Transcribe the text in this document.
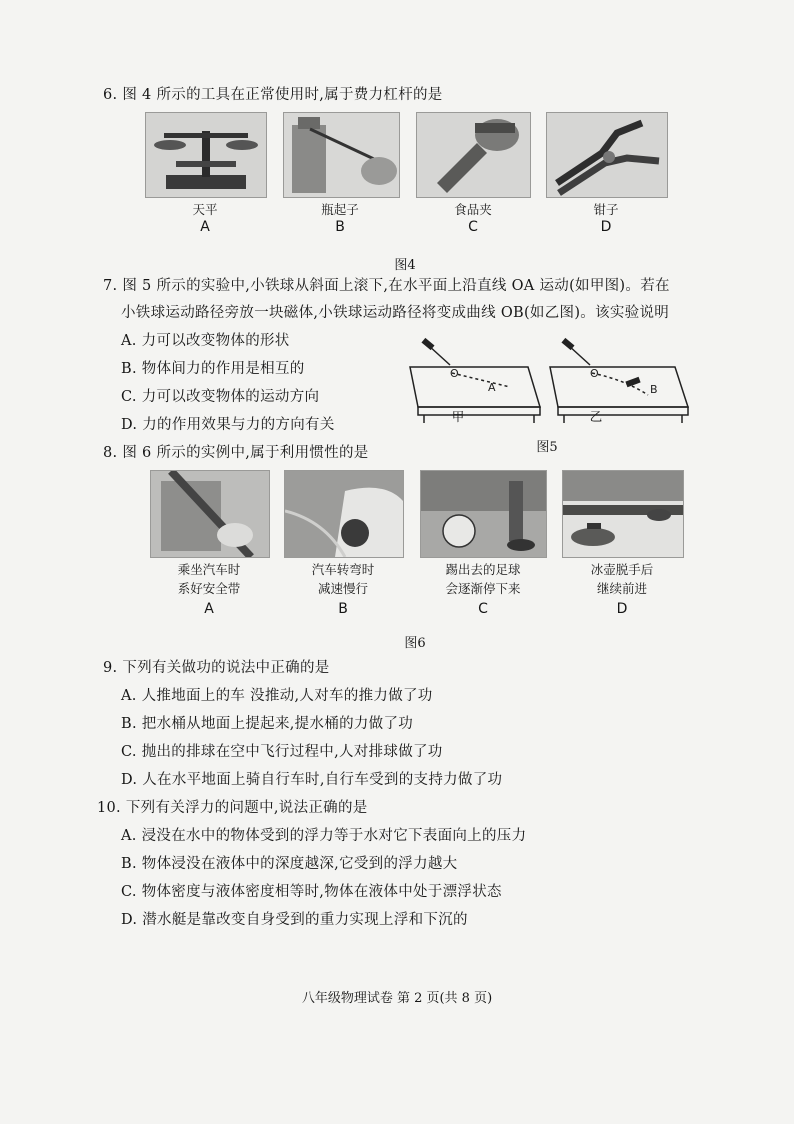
6. 图 4 所示的工具在正常使用时,属于费力杠杆的是
天平	瓶起子	食品夹	钳子
A	B	C	D
图4
7. 图 5 所示的实验中,小铁球从斜面上滚下,在水平面上沿直线 OA 运动(如甲图)。若在
小铁球运动路径旁放一块磁体,小铁球运动路径将变成曲线 OB(如乙图)。该实验说明
A. 力可以改变物体的形状
B. 物体间力的作用是相互的
C. 力可以改变物体的运动方向
D. 力的作用效果与力的方向有关
O
A
O
B
甲	乙
图5
8. 图 6 所示的实例中,属于利用惯性的是
乘坐汽车时
系好安全带
汽车转弯时
减速慢行
踢出去的足球
会逐渐停下来
冰壶脱手后
继续前进
A	B	C	D
图6
9. 下列有关做功的说法中正确的是
A. 人推地面上的车 没推动,人对车的推力做了功
B. 把水桶从地面上提起来,提水桶的力做了功
C. 抛出的排球在空中飞行过程中,人对排球做了功
D. 人在水平地面上骑自行车时,自行车受到的支持力做了功
10. 下列有关浮力的问题中,说法正确的是
A. 浸没在水中的物体受到的浮力等于水对它下表面向上的压力
B. 物体浸没在液体中的深度越深,它受到的浮力越大
C. 物体密度与液体密度相等时,物体在液体中处于漂浮状态
D. 潜水艇是靠改变自身受到的重力实现上浮和下沉的
八年级物理试卷 第 2 页(共 8 页)
